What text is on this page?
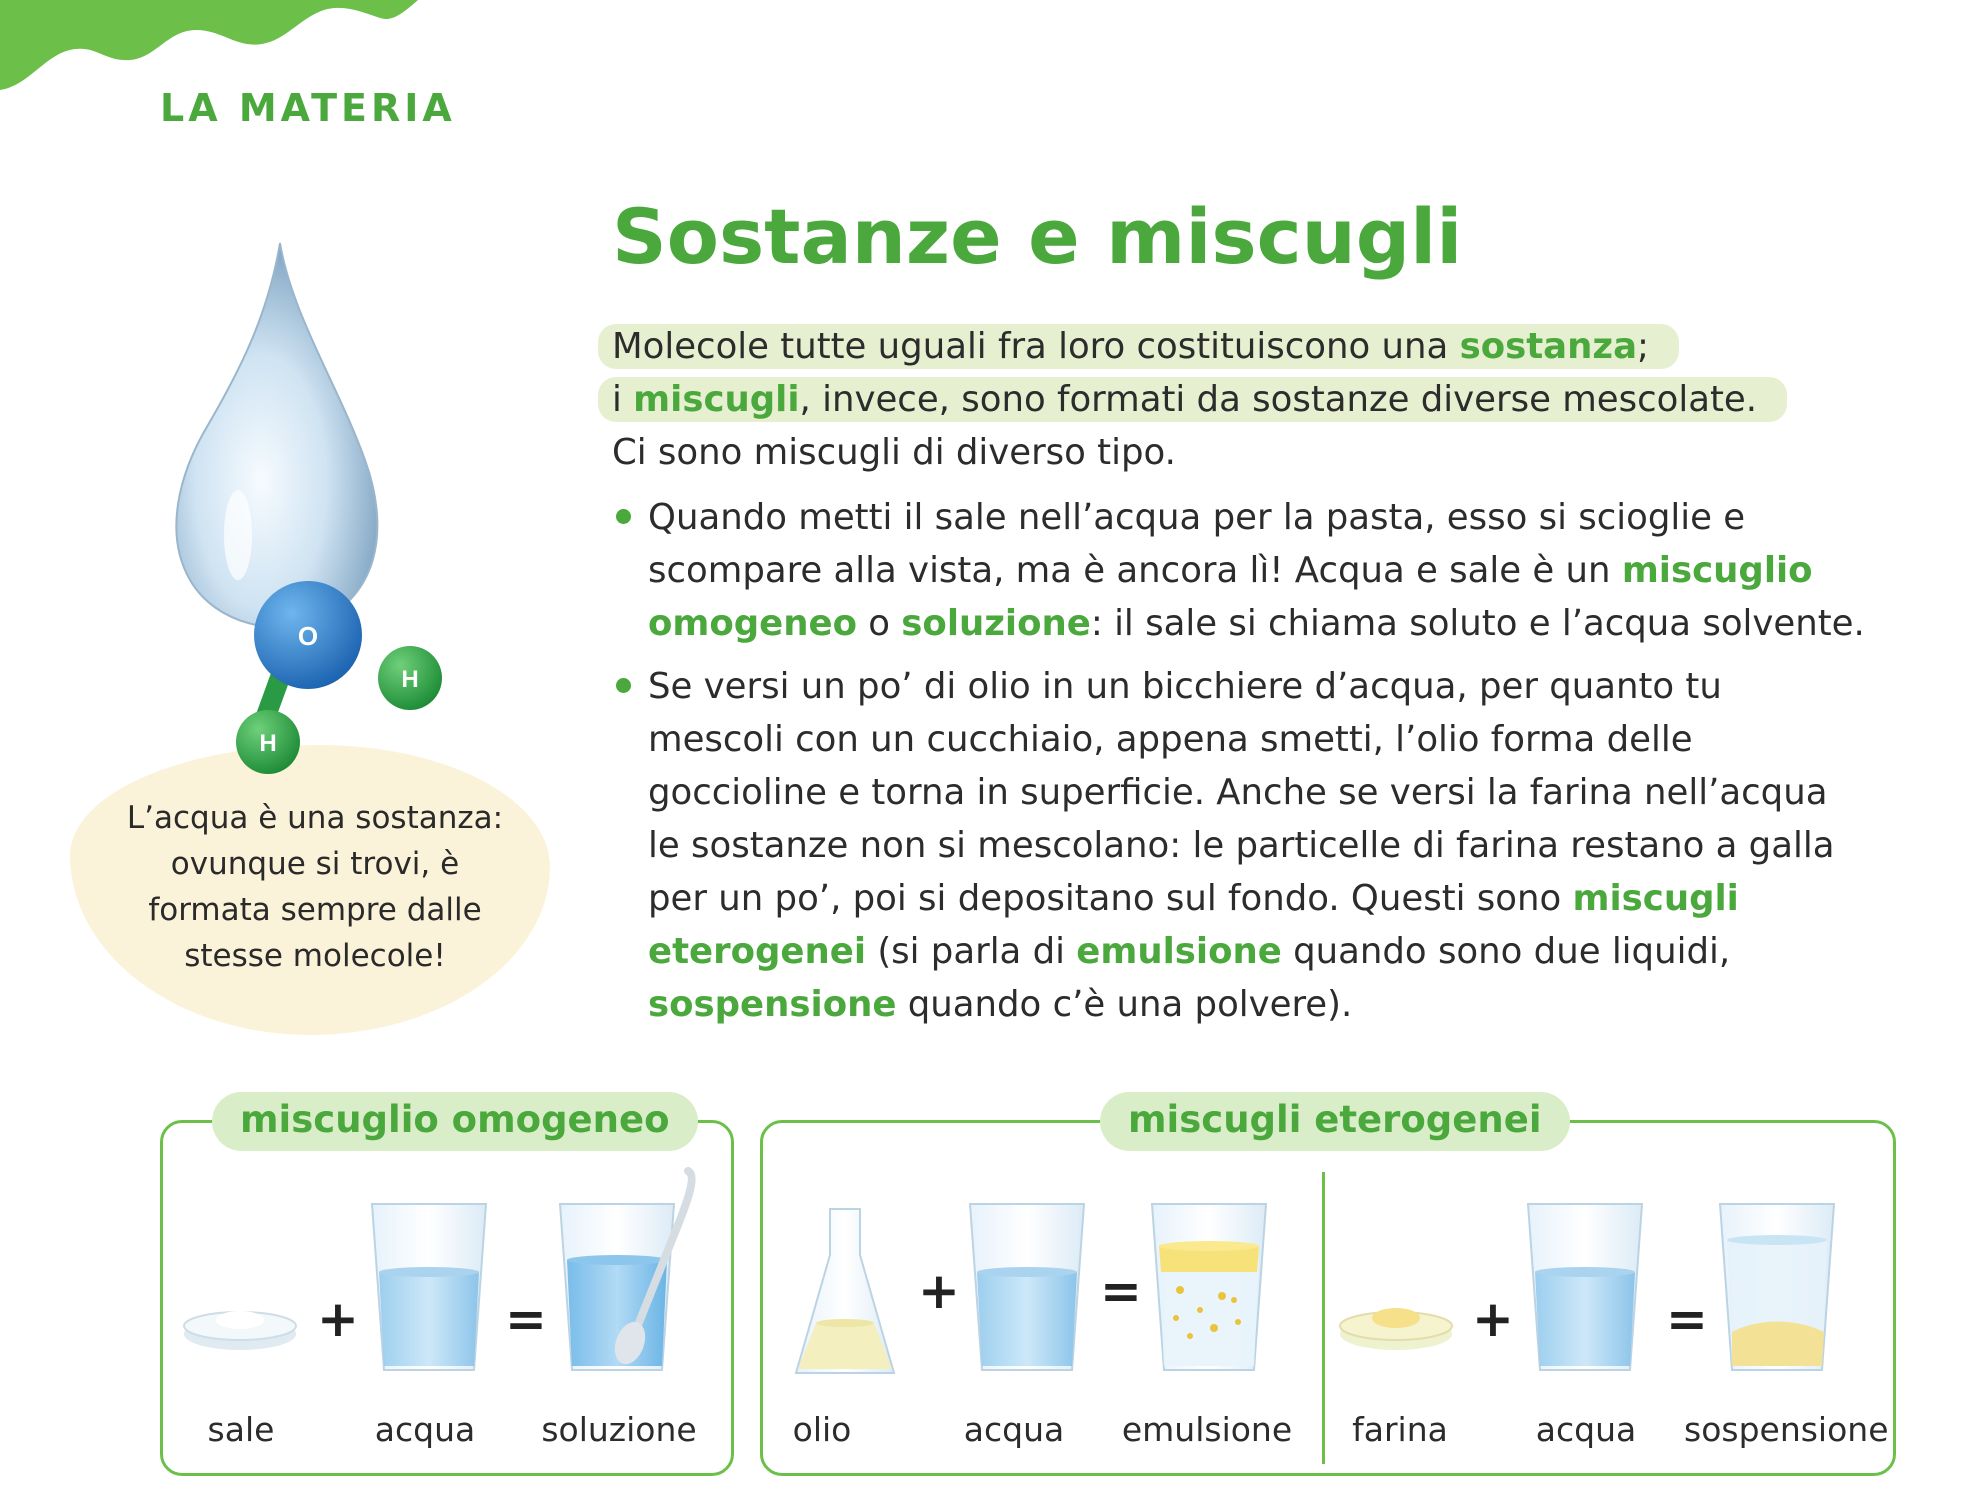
LA MATERIA
Sostanze e miscugli
Molecole tutte uguali fra loro costituiscono una sostanza;
i miscugli, invece, sono formati da sostanze diverse mescolate.
Ci sono miscugli di diverso tipo.
Quando metti il sale nell’acqua per la pasta, esso si scioglie e scompare alla vista, ma è ancora lì! Acqua e sale è un miscuglio omogeneo o soluzione: il sale si chiama soluto e l’acqua solvente.
Se versi un po’ di olio in un bicchiere d’acqua, per quanto tu mescoli con un cucchiaio, appena smetti, l’olio forma delle goccioline e torna in superficie. Anche se versi la farina nell’acqua le sostanze non si mescolano: le particelle di farina restano a galla per un po’, poi si depositano sul fondo. Questi sono miscugli eterogenei (si parla di emulsione quando sono due liquidi, sospensione quando c’è una polvere).
L’acqua è una sostanza:
ovunque si trovi, è
formata sempre dalle
stesse molecole!
O
H
H
miscuglio omogeneo	miscugli eterogenei
+	=
sale	acqua	soluzione
+	=	+	=
olio	acqua	emulsione	farina	acqua	sospensione
